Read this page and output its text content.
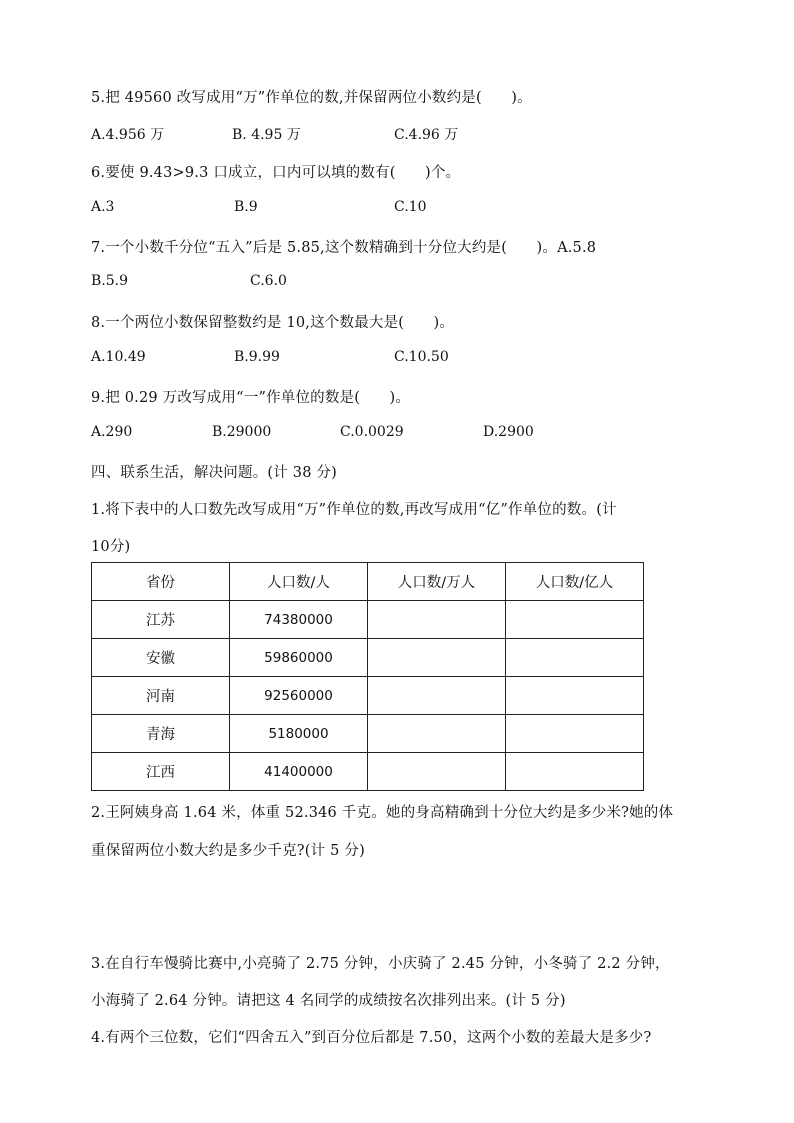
5.把 49560 改写成用“万”作单位的数,并保留两位小数约是(　　)。
A.4.956 万	B. 4.95 万	C.4.96 万
6.要使 9.43>9.3 口成立，口内可以填的数有(　　)个。
A.3	B.9	C.10
7.一个小数千分位“五入”后是 5.85,这个数精确到十分位大约是(　　)。A.5.8
B.5.9	C.6.0
8.一个两位小数保留整数约是 10,这个数最大是(　　)。
A.10.49	B.9.99	C.10.50
9.把 0.29 万改写成用“一”作单位的数是(　　)。
A.290	B.29000	C.0.0029	D.2900
四、联系生活，解决问题。(计 38 分)
1.将下表中的人口数先改写成用“万”作单位的数,再改写成用“亿”作单位的数。(计
10分)
省份	人口数/人	人口数/万人	人口数/亿人
江苏	74380000		
安徽	59860000		
河南	92560000		
青海	5180000		
江西	41400000		
2.王阿姨身高 1.64 米，体重 52.346 千克。她的身高精确到十分位大约是多少米?她的体
重保留两位小数大约是多少千克?(计 5 分)
3.在自行车慢骑比赛中,小亮骑了 2.75 分钟，小庆骑了 2.45 分钟，小冬骑了 2.2 分钟，
小海骑了 2.64 分钟。请把这 4 名同学的成绩按名次排列出来。(计 5 分)
4.有两个三位数，它们“四舍五入”到百分位后都是 7.50，这两个小数的差最大是多少?
